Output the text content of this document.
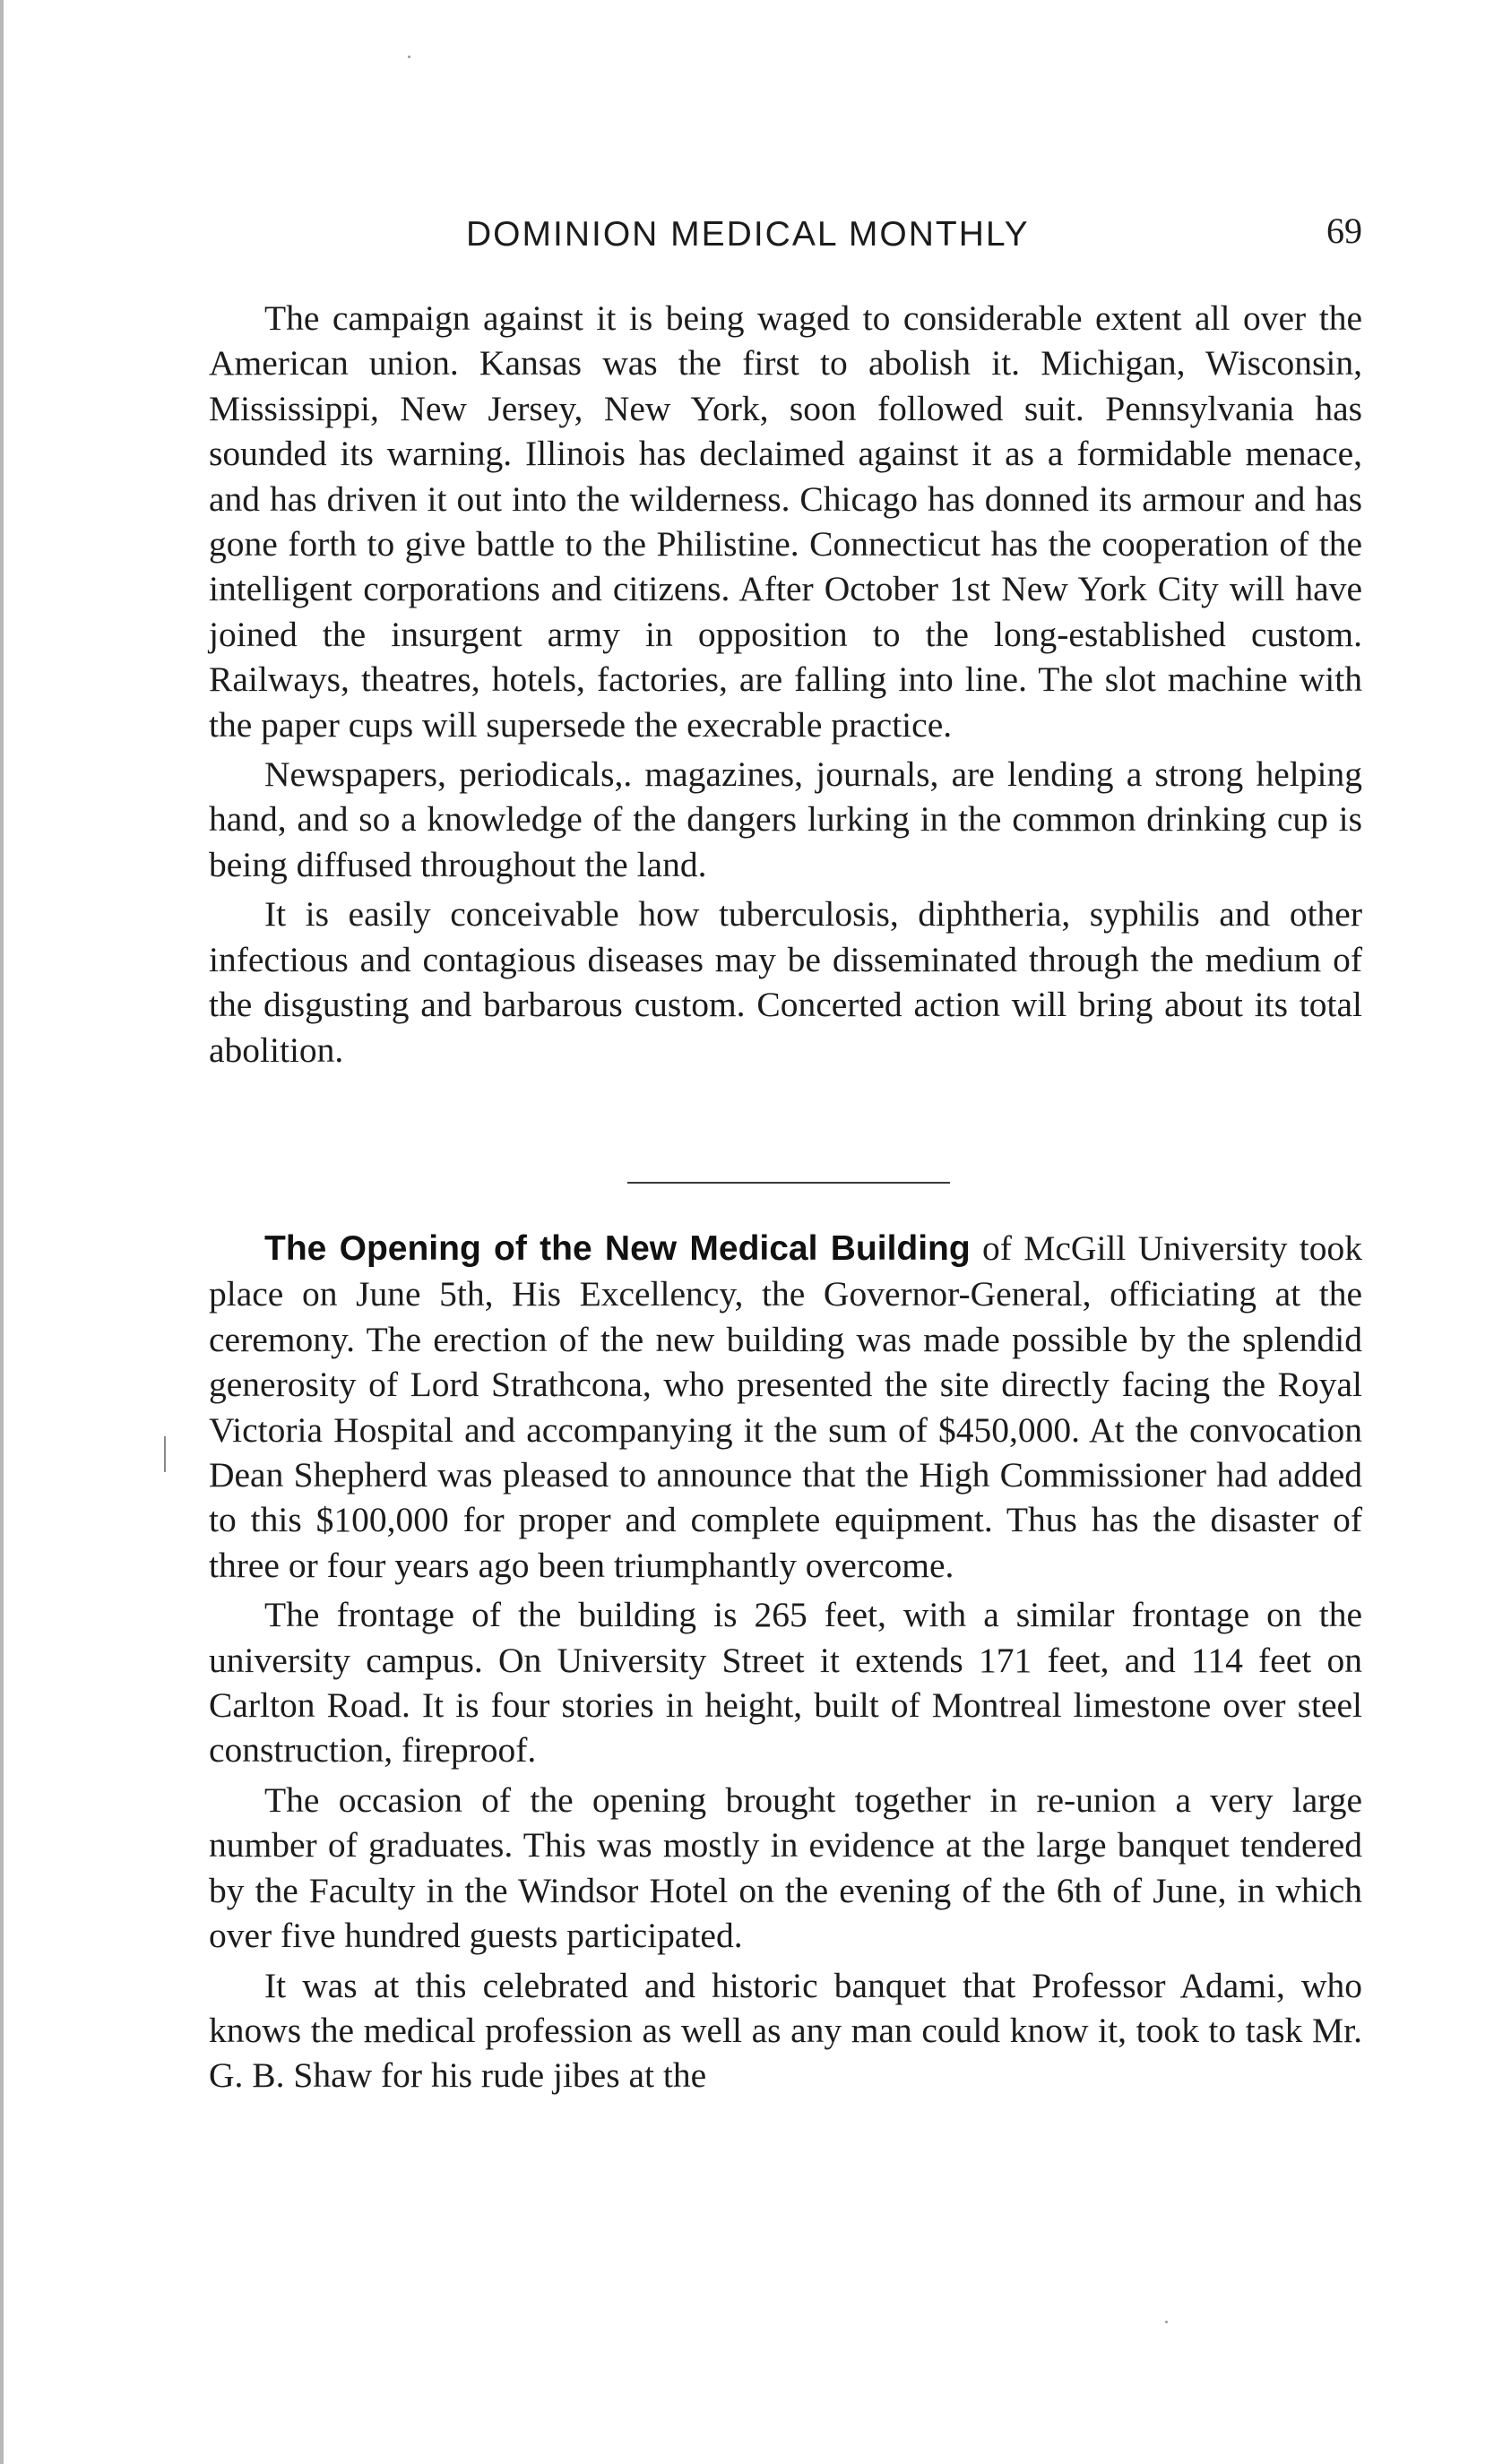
DOMINION MEDICAL MONTHLY	69

The campaign against it is being waged to considerable extent all over the American union. Kansas was the first to abolish it. Michigan, Wisconsin, Mississippi, New Jersey, New York, soon followed suit. Pennsylvania has sounded its warning. Illinois has declaimed against it as a formidable menace, and has driven it out into the wilderness. Chicago has donned its armour and has gone forth to give battle to the Philistine. Connecticut has the cooperation of the intelligent corporations and citizens. After October 1st New York City will have joined the insurgent army in opposition to the long-established custom. Railways, theatres, hotels, factories, are falling into line. The slot machine with the paper cups will supersede the execrable practice.

Newspapers, periodicals,. magazines, journals, are lending a strong helping hand, and so a knowledge of the dangers lurking in the common drinking cup is being diffused throughout the land.

It is easily conceivable how tuberculosis, diphtheria, syphilis and other infectious and contagious diseases may be disseminated through the medium of the disgusting and barbarous custom. Concerted action will bring about its total abolition.

The Opening of the New Medical Building of McGill University took place on June 5th, His Excellency, the Governor-General, officiating at the ceremony. The erection of the new building was made possible by the splendid generosity of Lord Strathcona, who presented the site directly facing the Royal Victoria Hospital and accompanying it the sum of $450,000. At the convocation Dean Shepherd was pleased to announce that the High Commissioner had added to this $100,000 for proper and complete equipment. Thus has the disaster of three or four years ago been triumphantly overcome.

The frontage of the building is 265 feet, with a similar frontage on the university campus. On University Street it extends 171 feet, and 114 feet on Carlton Road. It is four stories in height, built of Montreal limestone over steel construction, fireproof.

The occasion of the opening brought together in re-union a very large number of graduates. This was mostly in evidence at the large banquet tendered by the Faculty in the Windsor Hotel on the evening of the 6th of June, in which over five hundred guests participated.

It was at this celebrated and historic banquet that Professor Adami, who knows the medical profession as well as any man could know it, took to task Mr. G. B. Shaw for his rude jibes at the
